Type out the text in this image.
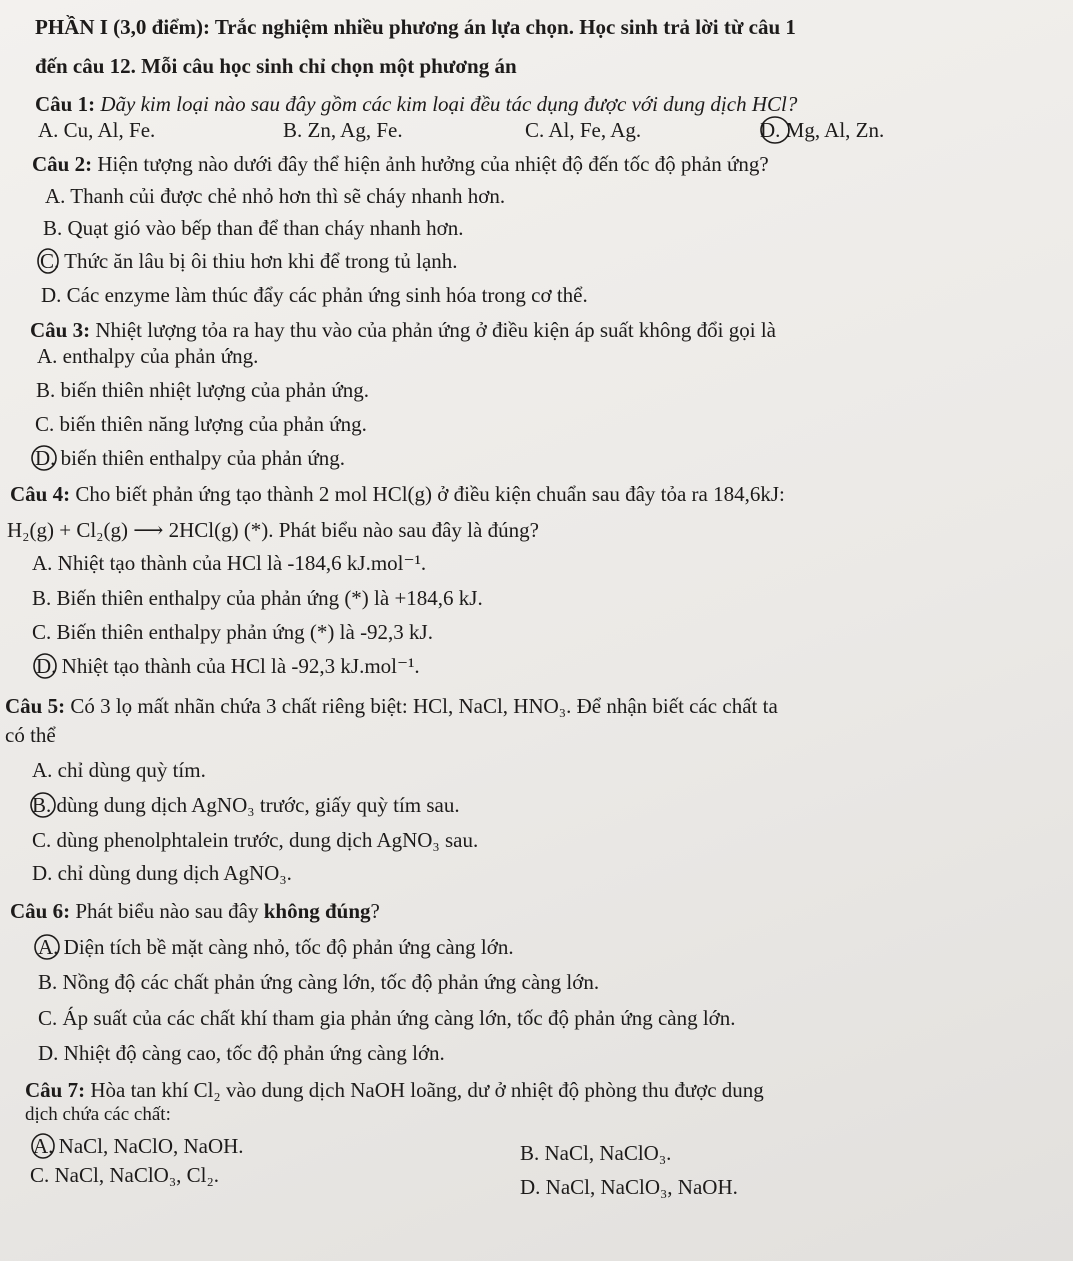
PHẦN I (3,0 điểm): Trắc nghiệm nhiều phương án lựa chọn. Học sinh trả lời từ câu 1
đến câu 12. Mỗi câu học sinh chỉ chọn một phương án
Câu 1: Dãy kim loại nào sau đây gồm các kim loại đều tác dụng được với dung dịch HCl?
A. Cu, Al, Fe.	B. Zn, Ag, Fe.	C. Al, Fe, Ag.	D. Mg, Al, Zn.
Câu 2: Hiện tượng nào dưới đây thể hiện ảnh hưởng của nhiệt độ đến tốc độ phản ứng?
A. Thanh củi được chẻ nhỏ hơn thì sẽ cháy nhanh hơn.
B. Quạt gió vào bếp than để than cháy nhanh hơn.
C. Thức ăn lâu bị ôi thiu hơn khi để trong tủ lạnh.
D. Các enzyme làm thúc đẩy các phản ứng sinh hóa trong cơ thể.
Câu 3: Nhiệt lượng tỏa ra hay thu vào của phản ứng ở điều kiện áp suất không đổi gọi là
A. enthalpy của phản ứng.
B. biến thiên nhiệt lượng của phản ứng.
C. biến thiên năng lượng của phản ứng.
D. biến thiên enthalpy của phản ứng.
Câu 4: Cho biết phản ứng tạo thành 2 mol HCl(g) ở điều kiện chuẩn sau đây tỏa ra 184,6kJ:
H₂(g) + Cl₂(g) ⟶ 2HCl(g) (*). Phát biểu nào sau đây là đúng?
A. Nhiệt tạo thành của HCl là -184,6 kJ.mol⁻¹.
B. Biến thiên enthalpy của phản ứng (*) là +184,6 kJ.
C. Biến thiên enthalpy phản ứng (*) là -92,3 kJ.
D. Nhiệt tạo thành của HCl là -92,3 kJ.mol⁻¹.
Câu 5: Có 3 lọ mất nhãn chứa 3 chất riêng biệt: HCl, NaCl, HNO₃. Để nhận biết các chất ta
có thể
A. chỉ dùng quỳ tím.
B. dùng dung dịch AgNO₃ trước, giấy quỳ tím sau.
C. dùng phenolphtalein trước, dung dịch AgNO₃ sau.
D. chỉ dùng dung dịch AgNO₃.
Câu 6: Phát biểu nào sau đây không đúng?
A. Diện tích bề mặt càng nhỏ, tốc độ phản ứng càng lớn.
B. Nồng độ các chất phản ứng càng lớn, tốc độ phản ứng càng lớn.
C. Áp suất của các chất khí tham gia phản ứng càng lớn, tốc độ phản ứng càng lớn.
D. Nhiệt độ càng cao, tốc độ phản ứng càng lớn.
Câu 7: Hòa tan khí Cl₂ vào dung dịch NaOH loãng, dư ở nhiệt độ phòng thu được dung
dịch chứa các chất:
A. NaCl, NaClO, NaOH.	B. NaCl, NaClO₃.
C. NaCl, NaClO₃, Cl₂.	D. NaCl, NaClO₃, NaOH.
